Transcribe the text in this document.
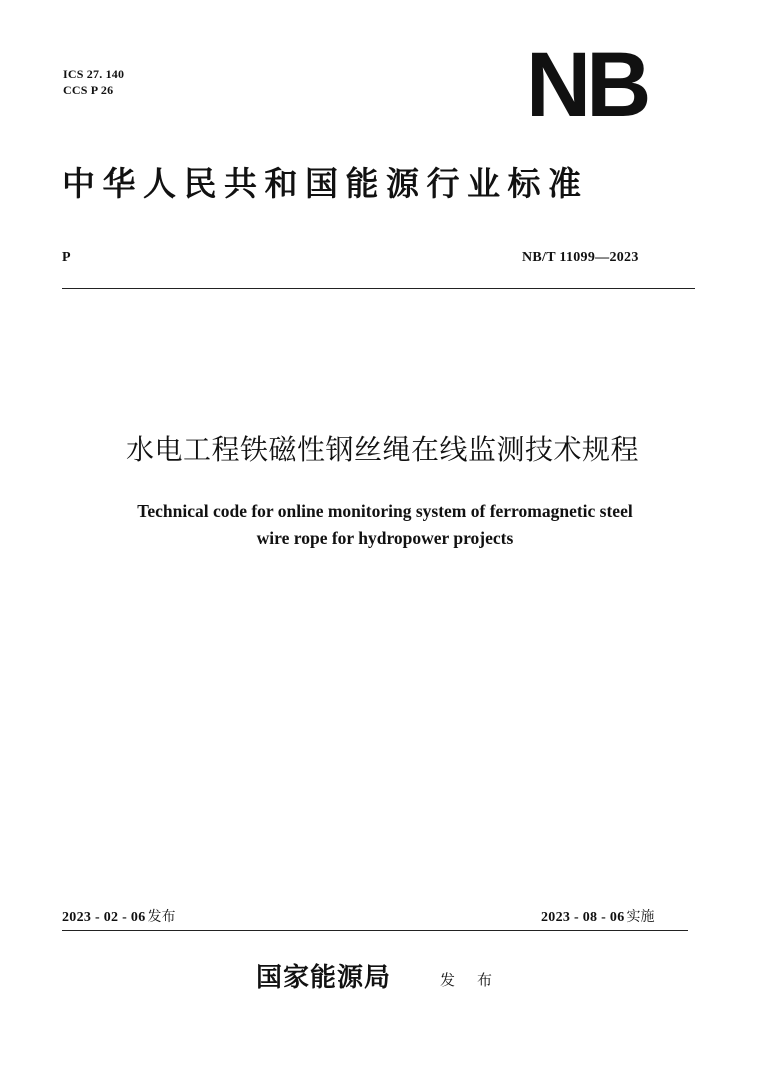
ICS 27. 140
CCS P 26	NB
中华人民共和国能源行业标准
P	NB/T 11099—2023
水电工程铁磁性钢丝绳在线监测技术规程
Technical code for online monitoring system of ferromagnetic steel
wire rope for hydropower projects
2023 - 02 - 06 发布	2023 - 08 - 06 实施
国家能源局	发布
